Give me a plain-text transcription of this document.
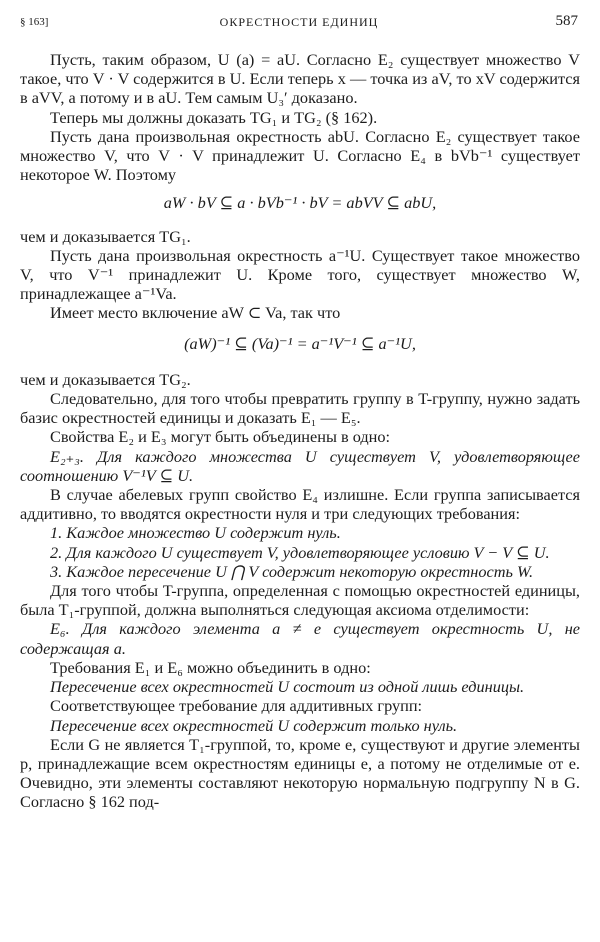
§ 163]	ОКРЕСТНОСТИ ЕДИНИЦ	587

Пусть, таким образом, U (a) = aU. Согласно E₂ существует множество V такое, что V · V содержится в U. Если теперь x — точка из aV, то xV содержится в aVV, а потому и в aU. Тем самым U₃′ доказано.

Теперь мы должны доказать TG₁ и TG₂ (§ 162).

Пусть дана произвольная окрестность abU. Согласно E₂ существует такое множество V, что V · V принадлежит U. Согласно E₄ в bVb⁻¹ существует некоторое W. Поэтому

aW · bV ⊆ a · bVb⁻¹ · bV = abVV ⊆ abU,

чем и доказывается TG₁.

Пусть дана произвольная окрестность a⁻¹U. Существует такое множество V, что V⁻¹ принадлежит U. Кроме того, существует множество W, принадлежащее a⁻¹Va.

Имеет место включение aW ⊂ Va, так что

(aW)⁻¹ ⊆ (Va)⁻¹ = a⁻¹V⁻¹ ⊆ a⁻¹U,

чем и доказывается TG₂.

Следовательно, для того чтобы превратить группу в T-группу, нужно задать базис окрестностей единицы и доказать E₁ — E₅.

Свойства E₂ и E₃ могут быть объединены в одно:

E₂₊₃. Для каждого множества U существует V, удовлетворяющее соотношению V⁻¹V ⊆ U.

В случае абелевых групп свойство E₄ излишне. Если группа записывается аддитивно, то вводятся окрестности нуля и три следующих требования:

1. Каждое множество U содержит нуль.

2. Для каждого U существует V, удовлетворяющее условию V − V ⊆ U.

3. Каждое пересечение U ⋂ V содержит некоторую окрестность W.

Для того чтобы T-группа, определенная с помощью окрестностей единицы, была T₁-группой, должна выполняться следующая аксиома отделимости:

E₆. Для каждого элемента a ≠ e существует окрестность U, не содержащая a.

Требования E₁ и E₆ можно объединить в одно:

Пересечение всех окрестностей U состоит из одной лишь единицы.

Соответствующее требование для аддитивных групп:

Пересечение всех окрестностей U содержит только нуль.

Если G не является T₁-группой, то, кроме e, существуют и другие элементы p, принадлежащие всем окрестностям единицы e, а потому не отделимые от e. Очевидно, эти элементы составляют некоторую нормальную подгруппу N в G. Согласно § 162 под-
